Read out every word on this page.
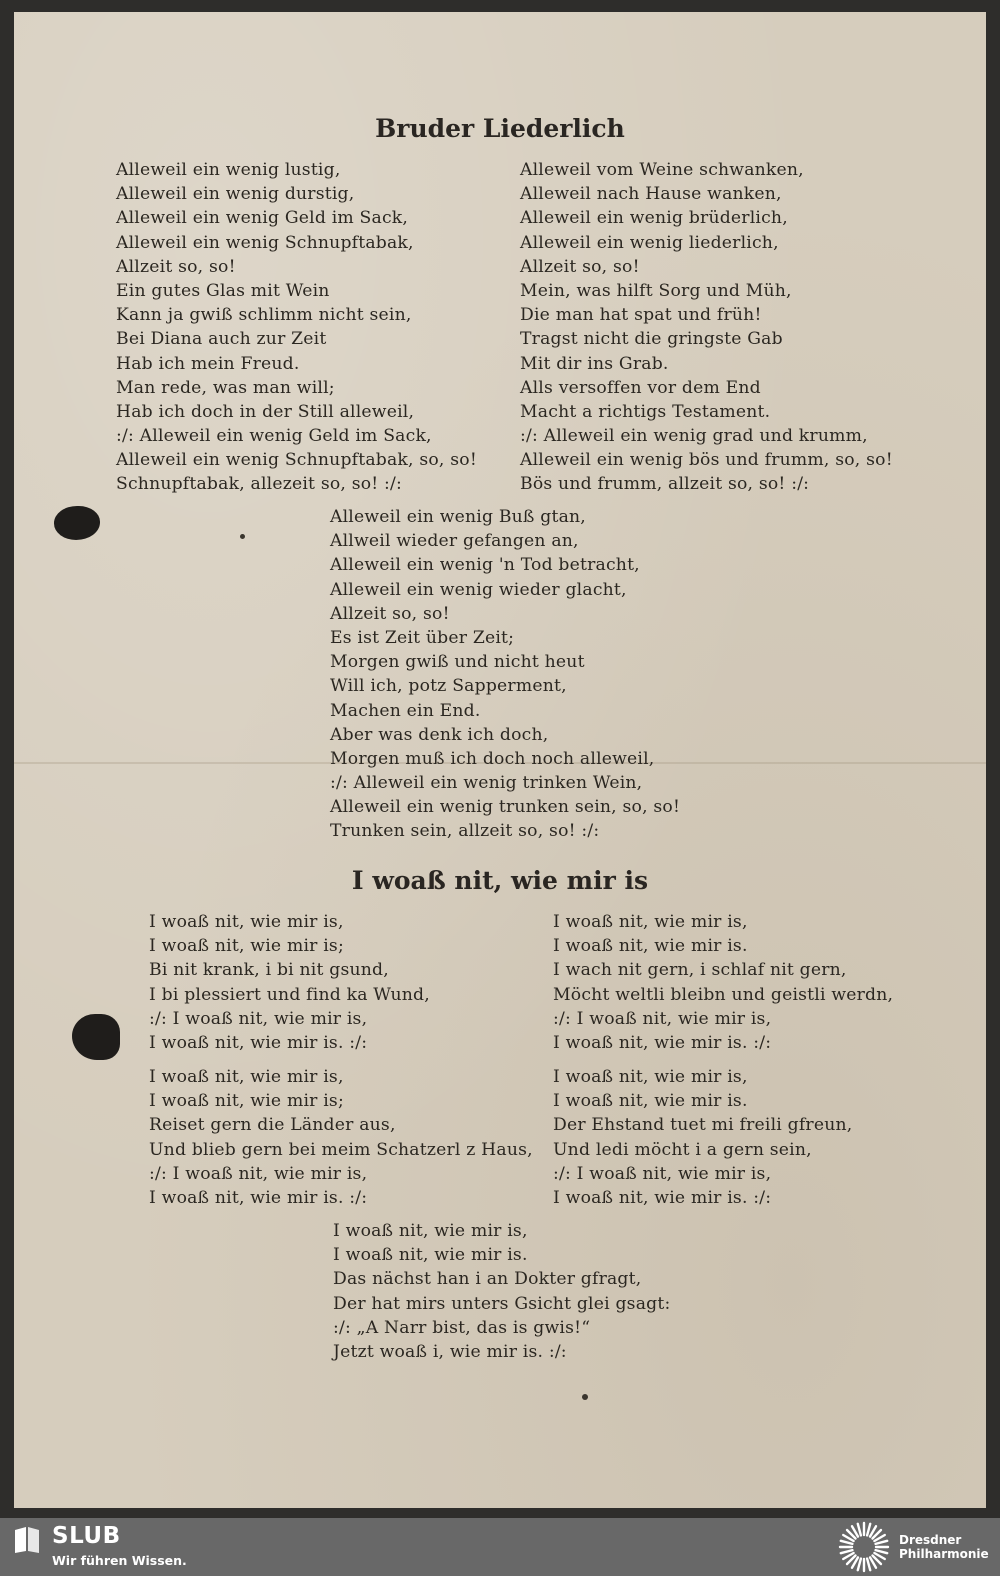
Bruder Liederlich
Alleweil ein wenig lustig,
Alleweil ein wenig durstig,
Alleweil ein wenig Geld im Sack,
Alleweil ein wenig Schnupftabak,
Allzeit so, so!
Ein gutes Glas mit Wein
Kann ja gwiß schlimm nicht sein,
Bei Diana auch zur Zeit
Hab ich mein Freud.
Man rede, was man will;
Hab ich doch in der Still alleweil,
:/: Alleweil ein wenig Geld im Sack,
Alleweil ein wenig Schnupftabak, so, so!
Schnupftabak, allezeit so, so! :/:
Alleweil vom Weine schwanken,
Alleweil nach Hause wanken,
Alleweil ein wenig brüderlich,
Alleweil ein wenig liederlich,
Allzeit so, so!
Mein, was hilft Sorg und Müh,
Die man hat spat und früh!
Tragst nicht die gringste Gab
Mit dir ins Grab.
Alls versoffen vor dem End
Macht a richtigs Testament.
:/: Alleweil ein wenig grad und krumm,
Alleweil ein wenig bös und frumm, so, so!
Bös und frumm, allzeit so, so! :/:
Alleweil ein wenig Buß gtan,
Allweil wieder gefangen an,
Alleweil ein wenig 'n Tod betracht,
Alleweil ein wenig wieder glacht,
Allzeit so, so!
Es ist Zeit über Zeit;
Morgen gwiß und nicht heut
Will ich, potz Sapperment,
Machen ein End.
Aber was denk ich doch,
Morgen muß ich doch noch alleweil,
:/: Alleweil ein wenig trinken Wein,
Alleweil ein wenig trunken sein, so, so!
Trunken sein, allzeit so, so! :/:
I woaß nit, wie mir is
I woaß nit, wie mir is,
I woaß nit, wie mir is;
Bi nit krank, i bi nit gsund,
I bi plessiert und find ka Wund,
:/: I woaß nit, wie mir is,
I woaß nit, wie mir is. :/:
I woaß nit, wie mir is,
I woaß nit, wie mir is.
I wach nit gern, i schlaf nit gern,
Möcht weltli bleibn und geistli werdn,
:/: I woaß nit, wie mir is,
I woaß nit, wie mir is. :/:
I woaß nit, wie mir is,
I woaß nit, wie mir is;
Reiset gern die Länder aus,
Und blieb gern bei meim Schatzerl z Haus,
:/: I woaß nit, wie mir is,
I woaß nit, wie mir is. :/:
I woaß nit, wie mir is,
I woaß nit, wie mir is.
Der Ehstand tuet mi freili gfreun,
Und ledi möcht i a gern sein,
:/: I woaß nit, wie mir is,
I woaß nit, wie mir is. :/:
I woaß nit, wie mir is,
I woaß nit, wie mir is.
Das nächst han i an Dokter gfragt,
Der hat mirs unters Gsicht glei gsagt:
:/: „A Narr bist, das is gwis!“
Jetzt woaß i, wie mir is. :/:
SLUB
Wir führen Wissen.
Dresdner
Philharmonie
